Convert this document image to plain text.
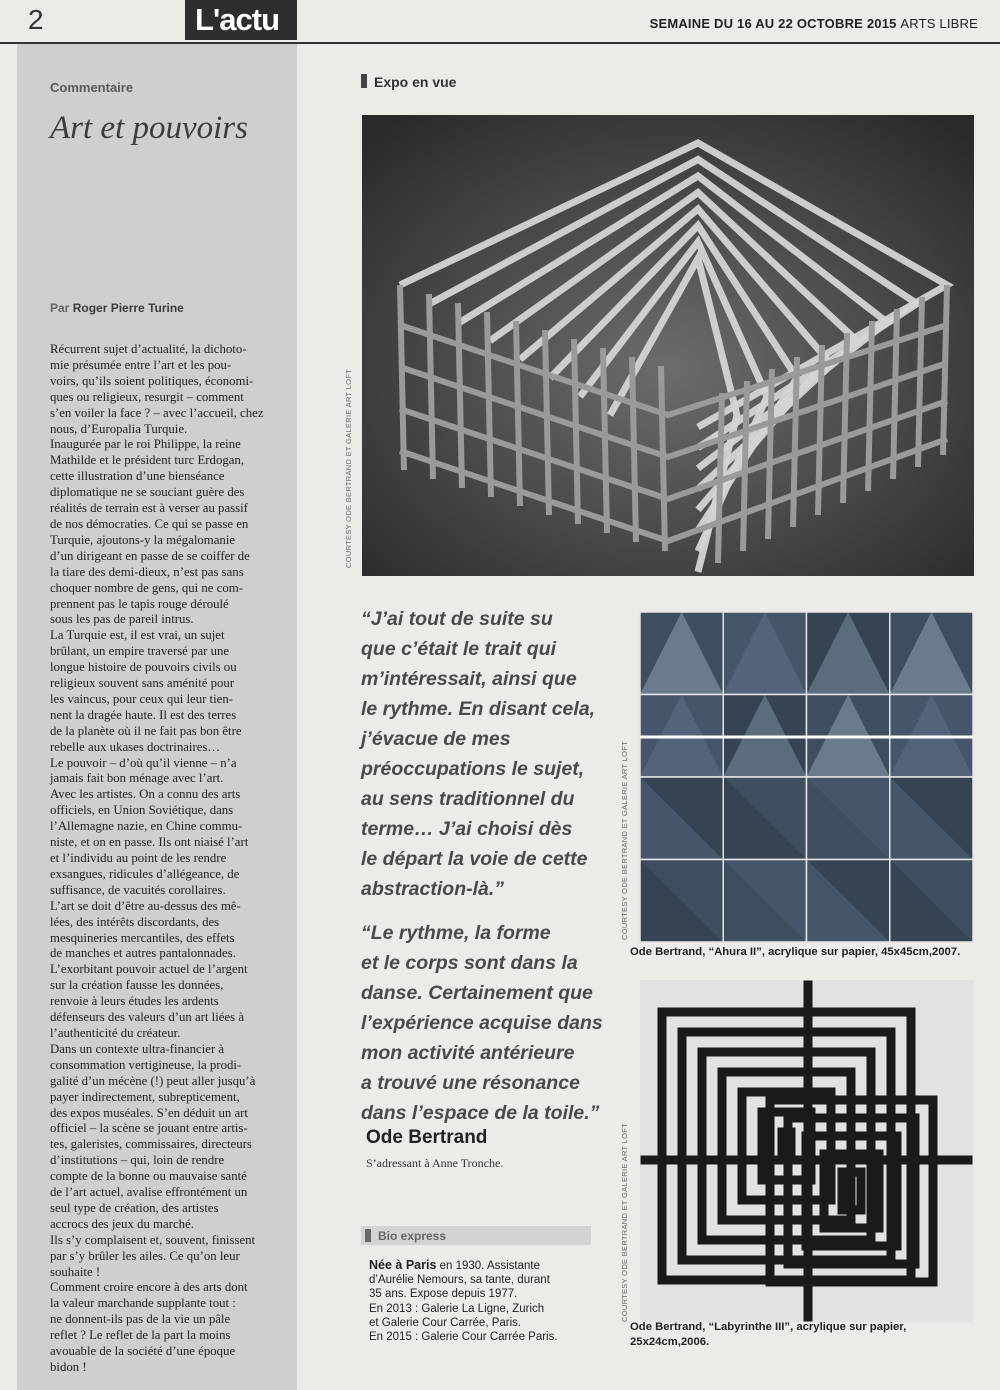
2	L'actu	SEMAINE DU 16 AU 22 OCTOBRE 2015 ARTS LIBRE
Commentaire
Art et pouvoirs
Par Roger Pierre Turine
Récurrent sujet d’actualité, la dichoto-
mie présumée entre l’art et les pou-
voirs, qu’ils soient politiques, économi-
ques ou religieux, resurgit – comment
s’en voiler la face ? – avec l’accueil, chez
nous, d’Europalia Turquie.
Inaugurée par le roi Philippe, la reine
Mathilde et le président turc Erdogan,
cette illustration d’une bienséance
diplomatique ne se souciant guère des
réalités de terrain est à verser au passif
de nos démocraties. Ce qui se passe en
Turquie, ajoutons-y la mégalomanie
d’un dirigeant en passe de se coiffer de
la tiare des demi-dieux, n’est pas sans
choquer nombre de gens, qui ne com-
prennent pas le tapis rouge déroulé
sous les pas de pareil intrus.
La Turquie est, il est vrai, un sujet
brûlant, un empire traversé par une
longue histoire de pouvoirs civils ou
religieux souvent sans aménité pour
les vaincus, pour ceux qui leur tien-
nent la dragée haute. Il est des terres
de la planète où il ne fait pas bon être
rebelle aux ukases doctrinaires…
Le pouvoir – d’où qu’il vienne – n’a
jamais fait bon ménage avec l’art.
Avec les artistes. On a connu des arts
officiels, en Union Soviétique, dans
l’Allemagne nazie, en Chine commu-
niste, et on en passe. Ils ont niaisé l’art
et l’individu au point de les rendre
exsangues, ridicules d’allégeance, de
suffisance, de vacuités corollaires.
L’art se doit d’être au-dessus des mê-
lées, des intérêts discordants, des
mesquineries mercantiles, des effets
de manches et autres pantalonnades.
L’exorbitant pouvoir actuel de l’argent
sur la création fausse les données,
renvoie à leurs études les ardents
défenseurs des valeurs d’un art liées à
l’authenticité du créateur.
Dans un contexte ultra-financier à
consommation vertigineuse, la prodi-
galité d’un mécène (!) peut aller jusqu’à
payer indirectement, subrepticement,
des expos muséales. S’en déduit un art
officiel – la scène se jouant entre artis-
tes, galeristes, commissaires, directeurs
d’institutions – qui, loin de rendre
compte de la bonne ou mauvaise santé
de l’art actuel, avalise effrontément un
seul type de création, des artistes
accrocs des jeux du marché.
Ils s’y complaisent et, souvent, finissent
par s’y brûler les ailes. Ce qu’on leur
souhaite !
Comment croire encore à des arts dont
la valeur marchande supplante tout :
ne donnent-ils pas de la vie un pâle
reflet ? Le reflet de la part la moins
avouable de la société d’une époque
bidon !
Expo en vue

COURTESY ODE BERTRAND ET GALERIE ART LOFT
“J’ai tout de suite su
que c’était le trait qui
m’intéressait, ainsi que
le rythme. En disant cela,
j’évacue de mes
préoccupations le sujet,
au sens traditionnel du
terme… J’ai choisi dès
le départ la voie de cette
abstraction-là.”
“Le rythme, la forme
et le corps sont dans la
danse. Certainement que
l’expérience acquise dans
mon activité antérieure
a trouvé une résonance
dans l’espace de la toile.”
Ode Bertrand
S’adressant à Anne Tronche.
Bio express
Née à Paris en 1930. Assistante
d’Aurélie Nemours, sa tante, durant
35 ans. Expose depuis 1977.
En 2013 : Galerie La Ligne, Zurich
et Galerie Cour Carrée, Paris.
En 2015 : Galerie Cour Carrée Paris.
COURTESY ODE BERTRAND ET GALERIE ART LOFT
Ode Bertrand, “Ahura II”, acrylique sur papier, 45x45cm,2007.
COURTESY ODE BERTRAND ET GALERIE ART LOFT
Ode Bertrand, “Labyrinthe III”, acrylique sur papier,
25x24cm,2006.
